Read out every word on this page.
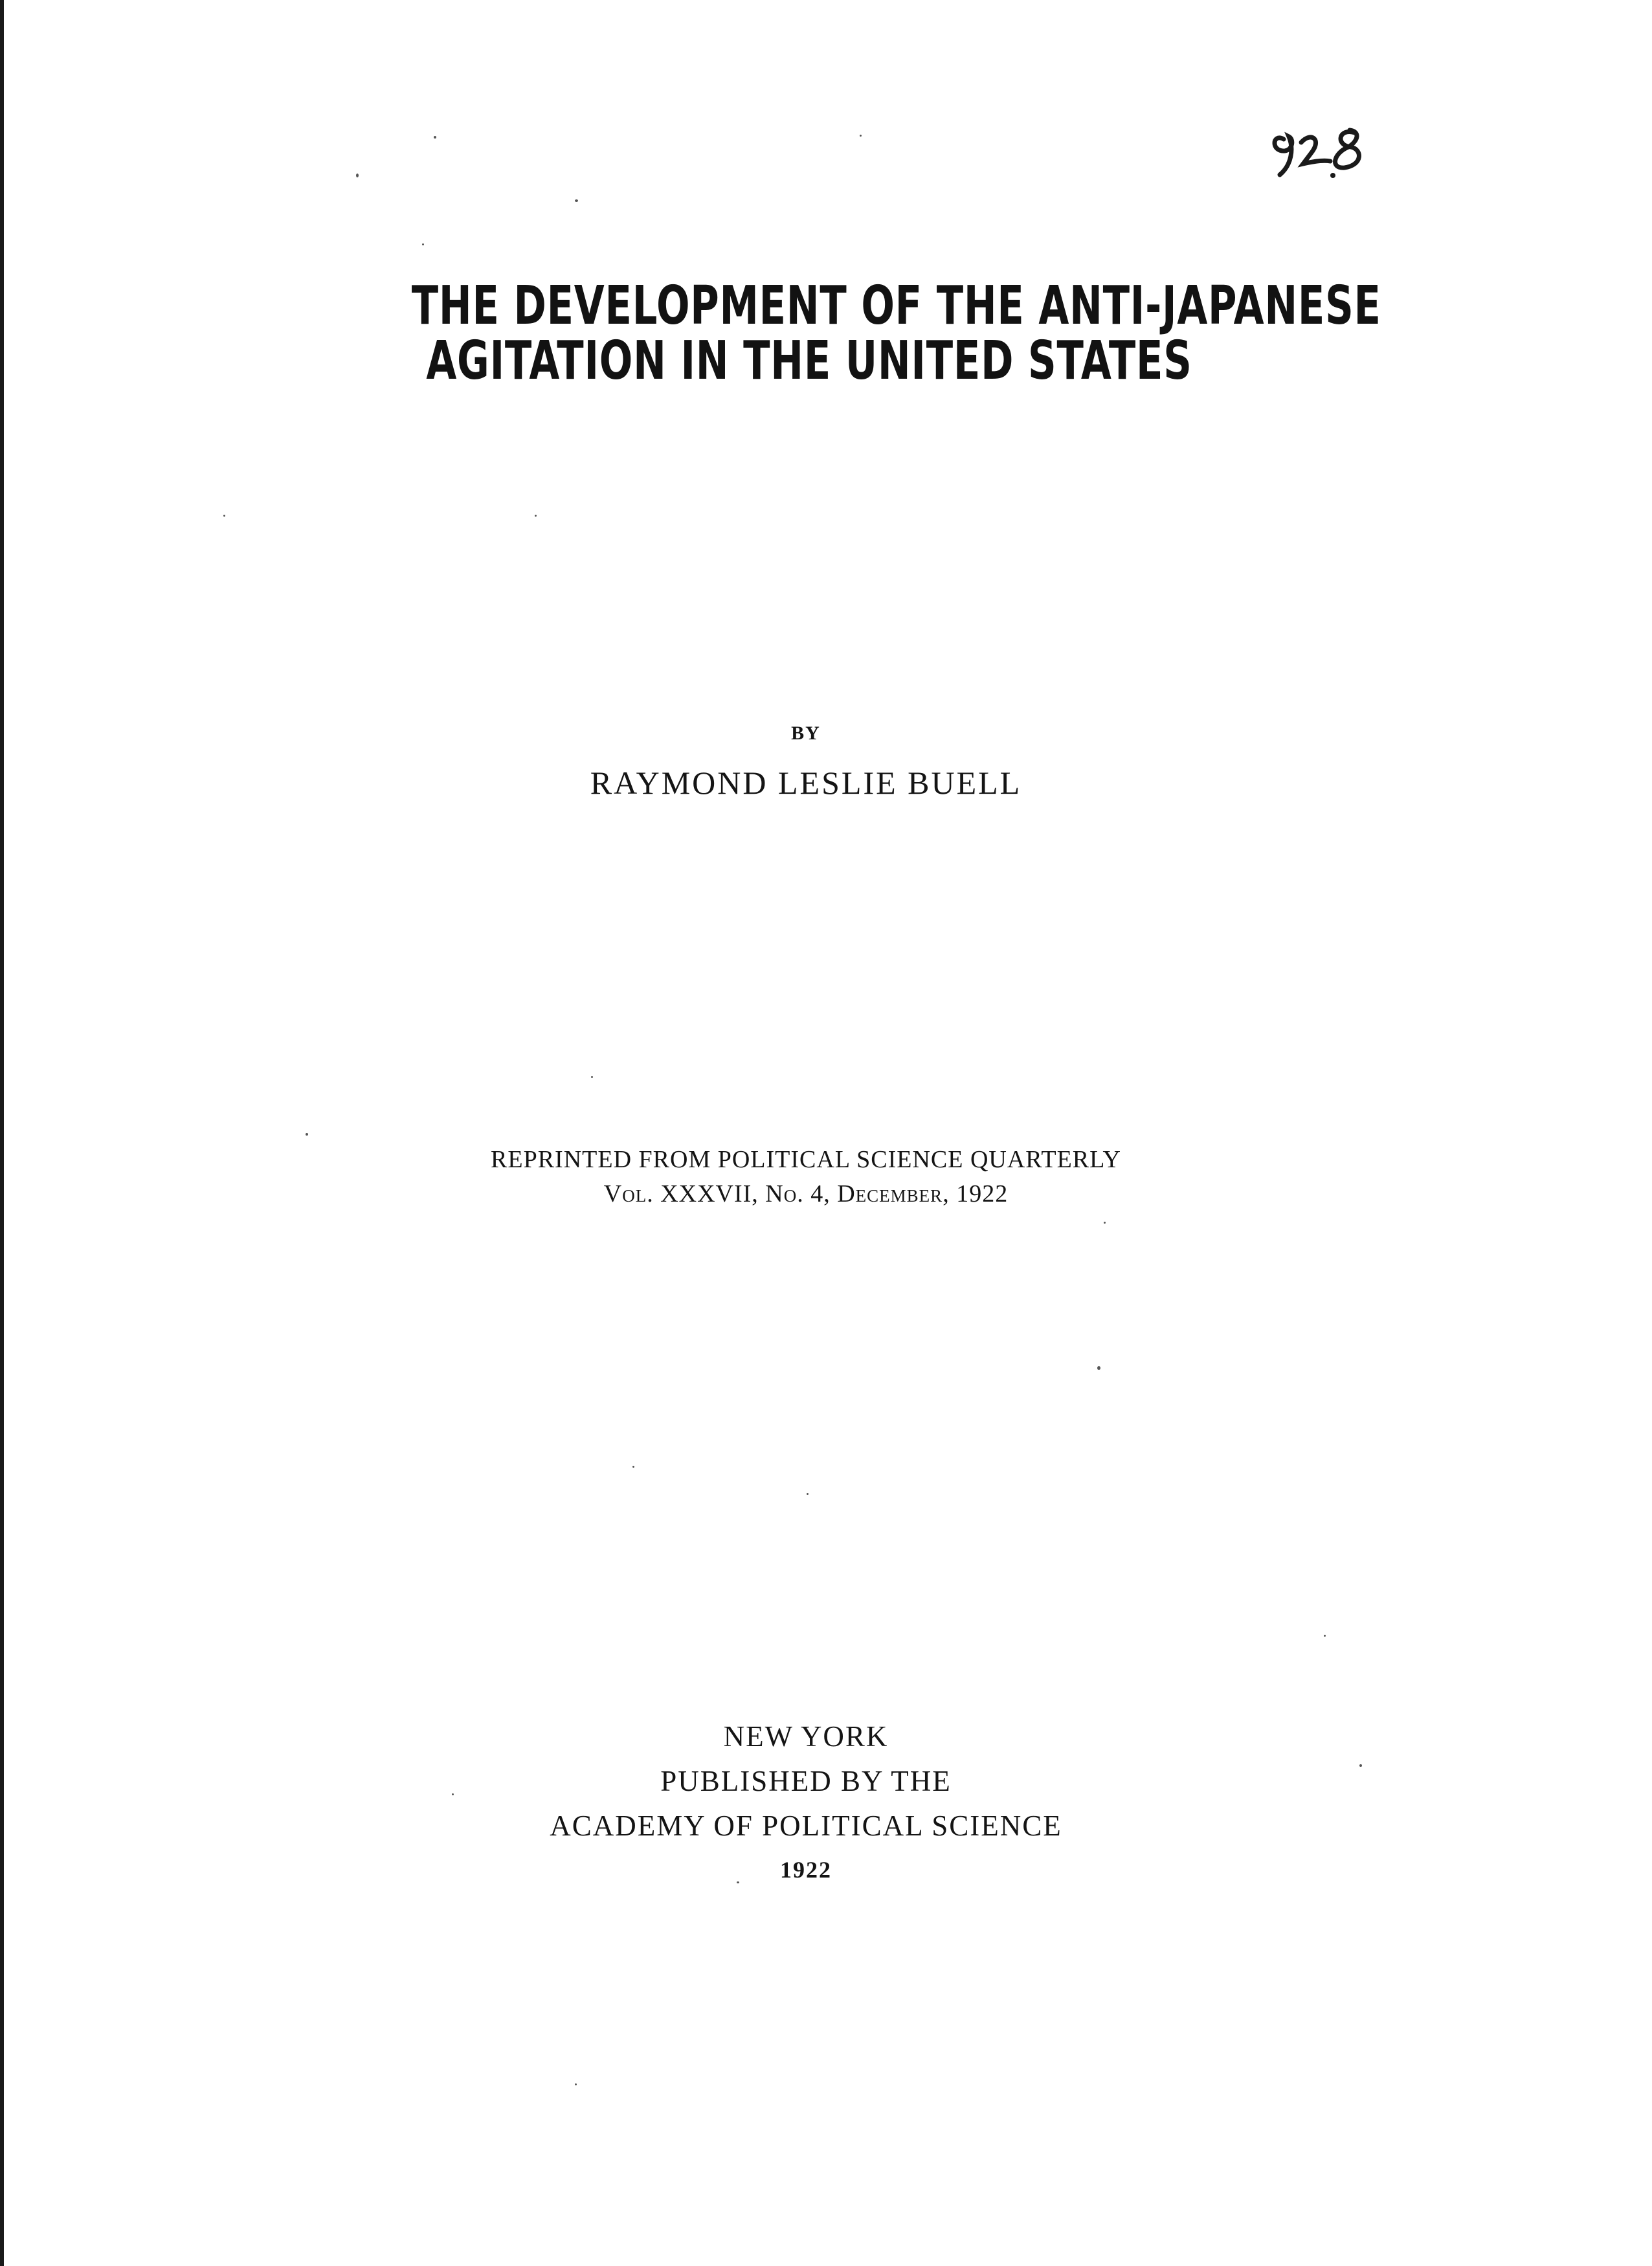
THE DEVELOPMENT OF THE ANTI-JAPANESE
AGITATION IN THE UNITED STATES
BY
RAYMOND LESLIE BUELL
REPRINTED FROM POLITICAL SCIENCE QUARTERLY
Vol. XXXVII, No. 4, December, 1922
NEW YORK
PUBLISHED BY THE
ACADEMY OF POLITICAL SCIENCE
1922
